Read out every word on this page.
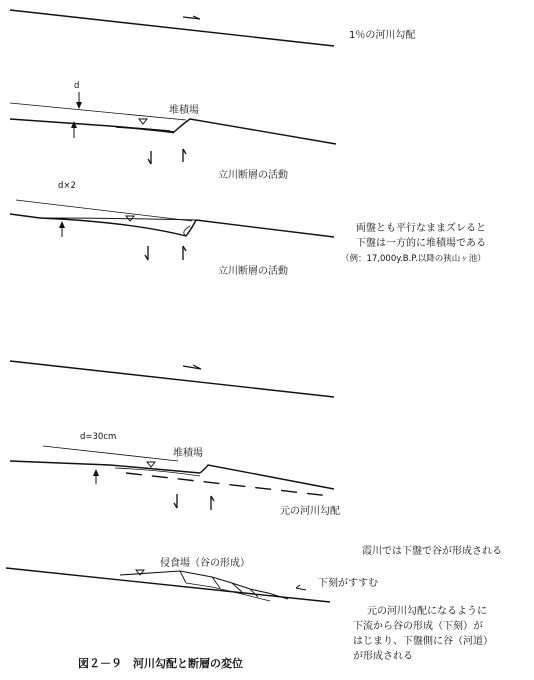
1％の河川勾配
d
堆積場
立川断層の活動
d×2
立川断層の活動
両盤とも平行なままズレると
下盤は一方的に堆積場である
（例：17,000y.B.P.以降の狭山ヶ池）
d=30cm
堆積場
元の河川勾配
霞川では下盤で谷が形成される
侵食場（谷の形成）
下刻がすすむ
元の河川勾配になるように
下流から谷の形成（下刻）が
はじまり、下盤側に谷（河道）
が形成される
図２－９　河川勾配と断層の変位
